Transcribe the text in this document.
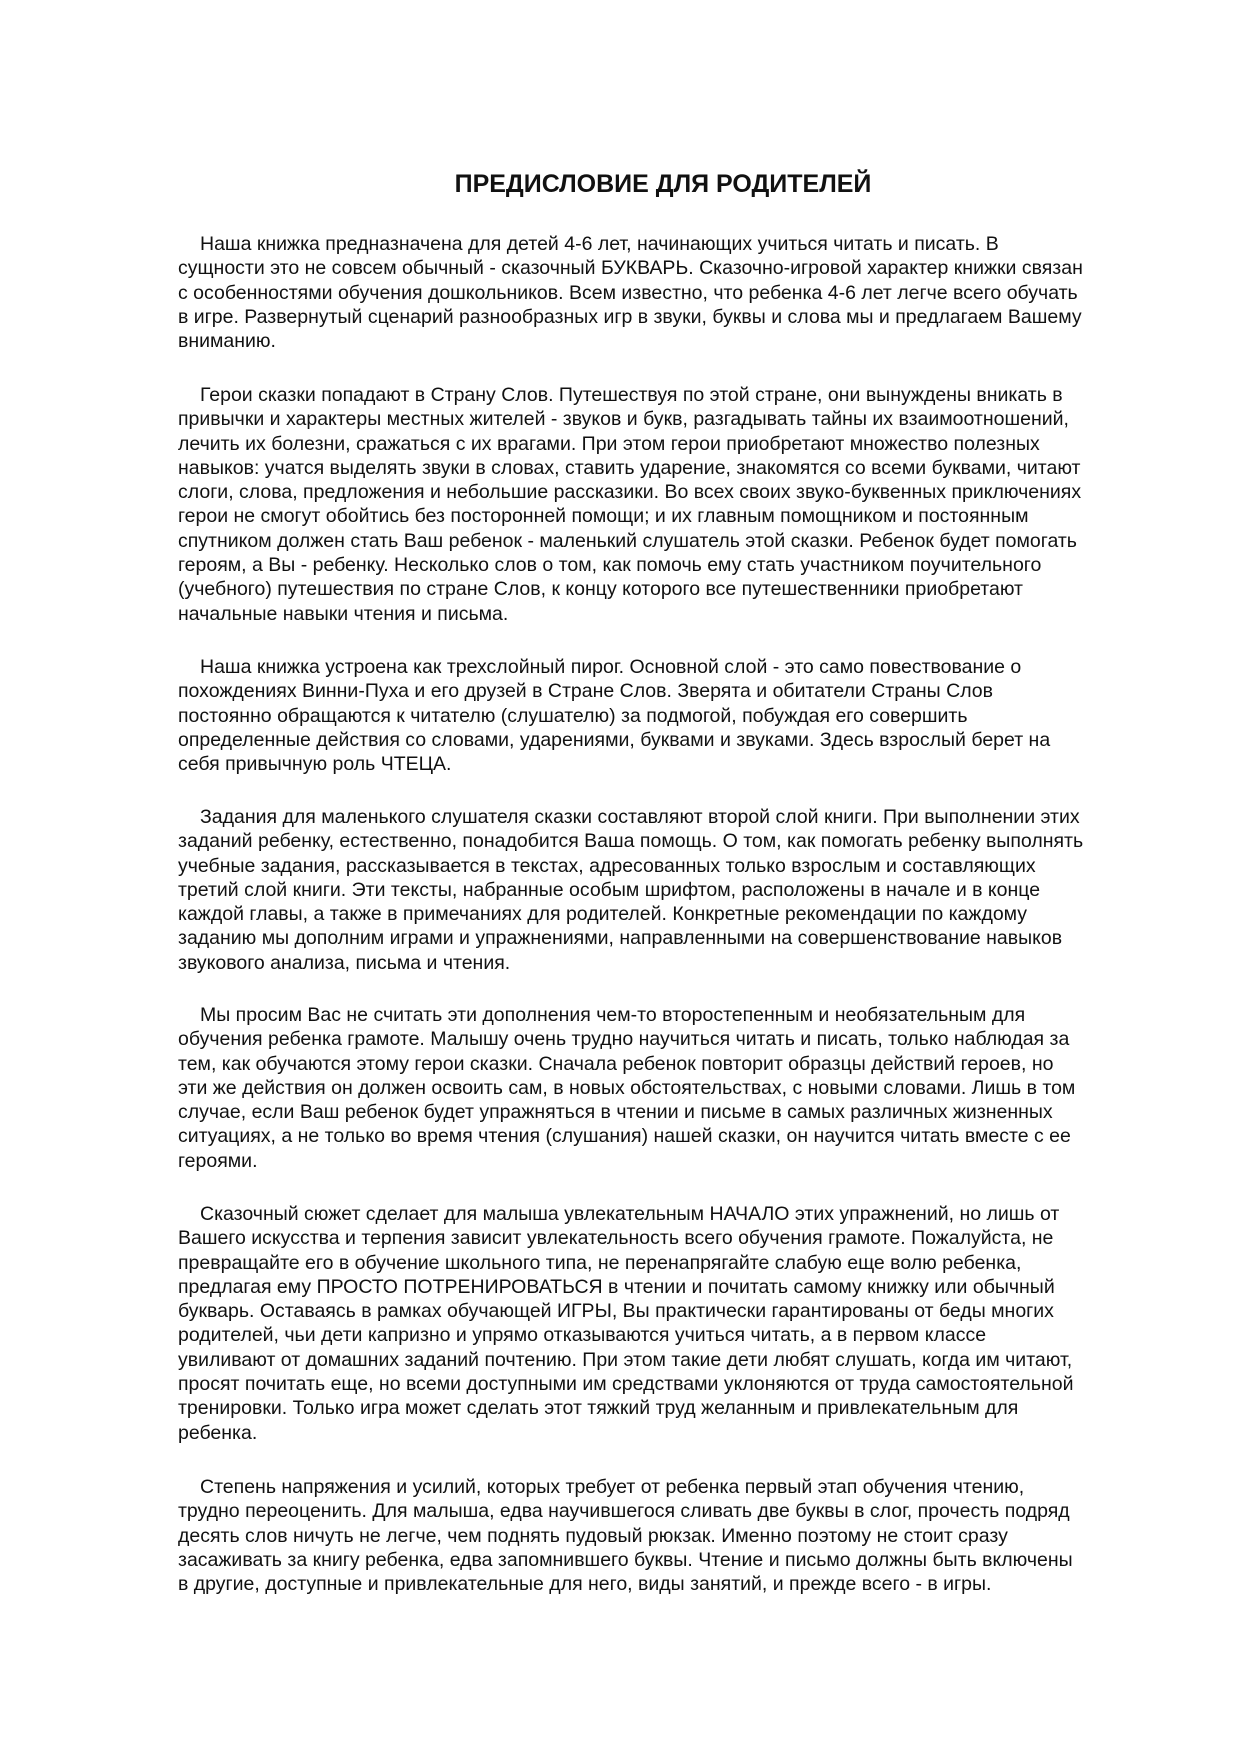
ПРЕДИСЛОВИЕ ДЛЯ РОДИТЕЛЕЙ
Наша книжка предназначена для детей 4-6 лет, начинающих учиться читать и писать. В
сущности это не совсем обычный - сказочный БУКВАРЬ. Сказочно-игровой характер книжки связан
с особенностями обучения дошкольников. Всем известно, что ребенка 4-6 лет легче всего обучать
в игре. Развернутый сценарий разнообразных игр в звуки, буквы и слова мы и предлагаем Вашему
вниманию.
Герои сказки попадают в Страну Слов. Путешествуя по этой стране, они вынуждены вникать в
привычки и характеры местных жителей - звуков и букв, разгадывать тайны их взаимоотношений,
лечить их болезни, сражаться с их врагами. При этом герои приобретают множество полезных
навыков: учатся выделять звуки в словах, ставить ударение, знакомятся со всеми буквами, читают
слоги, слова, предложения и небольшие рассказики. Во всех своих звуко-буквенных приключениях
герои не смогут обойтись без посторонней помощи; и их главным помощником и постоянным
спутником должен стать Ваш ребенок - маленький слушатель этой сказки. Ребенок будет помогать
героям, а Вы - ребенку. Несколько слов о том, как помочь ему стать участником поучительного
(учебного) путешествия по стране Слов, к концу которого все путешественники приобретают
начальные навыки чтения и письма.
Наша книжка устроена как трехслойный пирог. Основной слой - это само повествование о
похождениях Винни-Пуха и его друзей в Стране Слов. Зверята и обитатели Страны Слов
постоянно обращаются к читателю (слушателю) за подмогой, побуждая его совершить
определенные действия со словами, ударениями, буквами и звуками. Здесь взрослый берет на
себя привычную роль ЧТЕЦА.
Задания для маленького слушателя сказки составляют второй слой книги. При выполнении этих
заданий ребенку, естественно, понадобится Ваша помощь. О том, как помогать ребенку выполнять
учебные задания, рассказывается в текстах, адресованных только взрослым и составляющих
третий слой книги. Эти тексты, набранные особым шрифтом, расположены в начале и в конце
каждой главы, а также в примечаниях для родителей. Конкретные рекомендации по каждому
заданию мы дополним играми и упражнениями, направленными на совершенствование навыков
звукового анализа, письма и чтения.
Мы просим Вас не считать эти дополнения чем-то второстепенным и необязательным для
обучения ребенка грамоте. Малышу очень трудно научиться читать и писать, только наблюдая за
тем, как обучаются этому герои сказки. Сначала ребенок повторит образцы действий героев, но
эти же действия он должен освоить сам, в новых обстоятельствах, с новыми словами. Лишь в том
случае, если Ваш ребенок будет упражняться в чтении и письме в самых различных жизненных
ситуациях, а не только во время чтения (слушания) нашей сказки, он научится читать вместе с ее
героями.
Сказочный сюжет сделает для малыша увлекательным НАЧАЛО этих упражнений, но лишь от
Вашего искусства и терпения зависит увлекательность всего обучения грамоте. Пожалуйста, не
превращайте его в обучение школьного типа, не перенапрягайте слабую еще волю ребенка,
предлагая ему ПРОСТО ПОТРЕНИРОВАТЬСЯ в чтении и почитать самому книжку или обычный
букварь. Оставаясь в рамках обучающей ИГРЫ, Вы практически гарантированы от беды многих
родителей, чьи дети капризно и упрямо отказываются учиться читать, а в первом классе
увиливают от домашних заданий почтению. При этом такие дети любят слушать, когда им читают,
просят почитать еще, но всеми доступными им средствами уклоняются от труда самостоятельной
тренировки. Только игра может сделать этот тяжкий труд желанным и привлекательным для
ребенка.
Степень напряжения и усилий, которых требует от ребенка первый этап обучения чтению,
трудно переоценить. Для малыша, едва научившегося сливать две буквы в слог, прочесть подряд
десять слов ничуть не легче, чем поднять пудовый рюкзак. Именно поэтому не стоит сразу
засаживать за книгу ребенка, едва запомнившего буквы. Чтение и письмо должны быть включены
в другие, доступные и привлекательные для него, виды занятий, и прежде всего - в игры.
